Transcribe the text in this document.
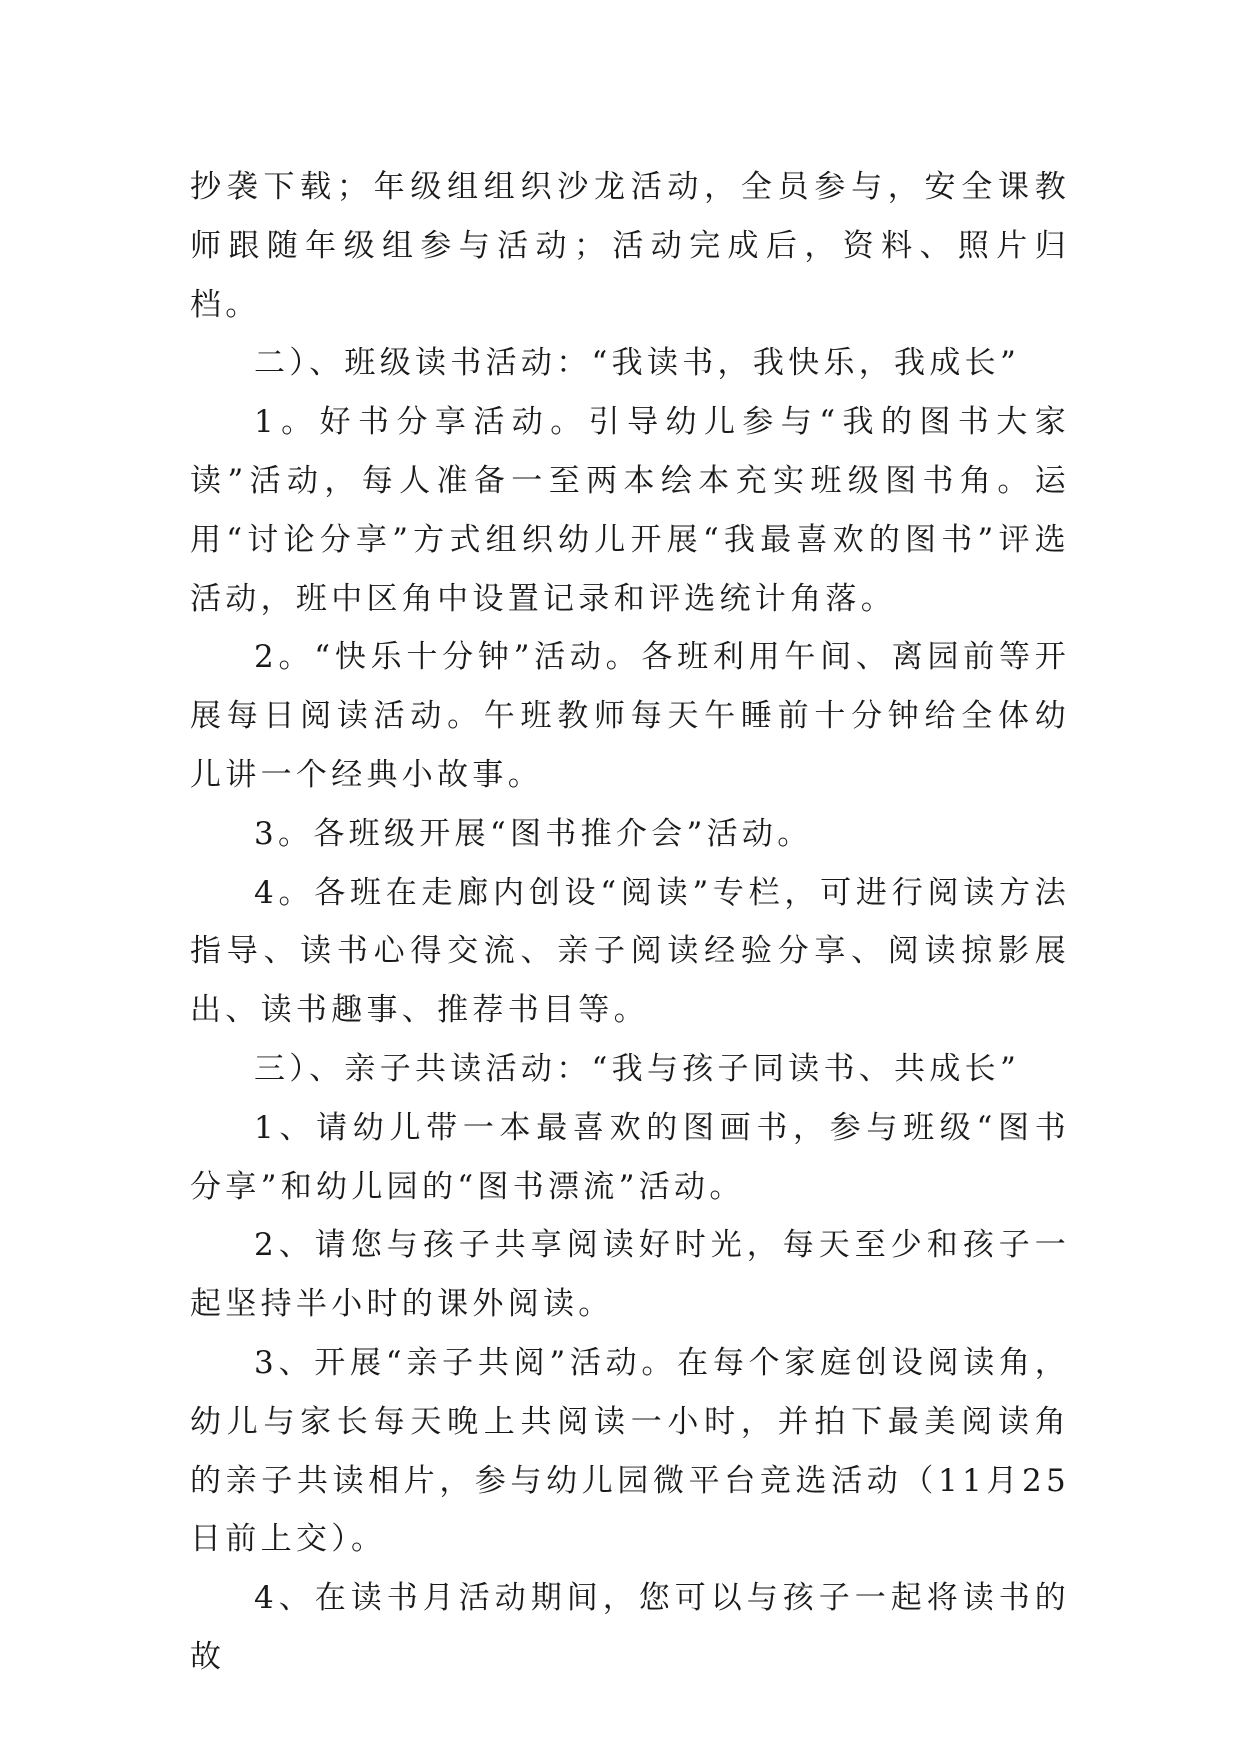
抄袭下载；年级组组织沙龙活动，全员参与，安全课教师跟随年级组参与活动；活动完成后，资料、照片归档。

二）、班级读书活动：“我读书，我快乐，我成长”

1。好书分享活动。引导幼儿参与“我的图书大家读”活动，每人准备一至两本绘本充实班级图书角。运用“讨论分享”方式组织幼儿开展“我最喜欢的图书”评选活动，班中区角中设置记录和评选统计角落。

2。“快乐十分钟”活动。各班利用午间、离园前等开展每日阅读活动。午班教师每天午睡前十分钟给全体幼儿讲一个经典小故事。

3。各班级开展“图书推介会”活动。

4。各班在走廊内创设“阅读”专栏，可进行阅读方法指导、读书心得交流、亲子阅读经验分享、阅读掠影展出、读书趣事、推荐书目等。

三）、亲子共读活动：“我与孩子同读书、共成长”

1、请幼儿带一本最喜欢的图画书，参与班级“图书分享”和幼儿园的“图书漂流”活动。

2、请您与孩子共享阅读好时光，每天至少和孩子一起坚持半小时的课外阅读。

3、开展“亲子共阅”活动。在每个家庭创设阅读角，幼儿与家长每天晚上共阅读一小时，并拍下最美阅读角的亲子共读相片，参与幼儿园微平台竞选活动（11月25日前上交）。

4、在读书月活动期间，您可以与孩子一起将读书的故
